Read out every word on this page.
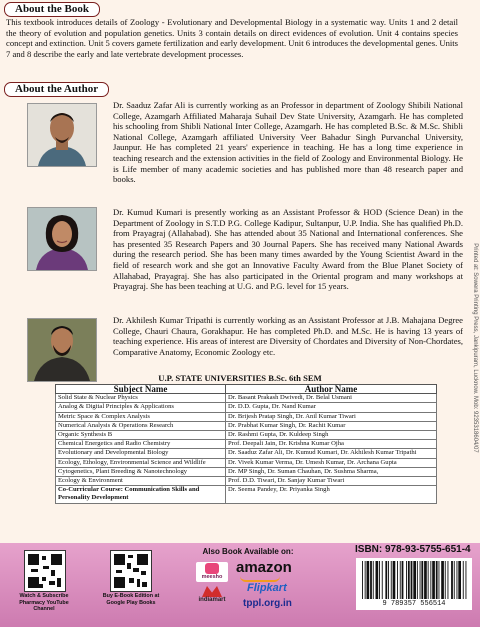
About the Book
This textbook introduces details of Zoology - Evolutionary and Developmental Biology in a systematic way. Units 1 and 2 detail the theory of evolution and population genetics. Units 3 contain details on direct evidences of evolution. Unit 4 contains species concept and extinction. Unit 5 covers gamete fertilization and early development. Unit 6 introduces the developmental genes. Units 7 and 8 describe the early and late vertebrate development processes.
About the Author
Dr. Saaduz Zafar Ali is currently working as an Professor in department of Zoology Shibili National College, Azamgarh Affiliated Maharaja Suhail Dev State University, Azamgarh. He has completed his schooling from Shibli National Inter College, Azamgarh. He has completed B.Sc. & M.Sc. Shibli National College, Azamgarh affiliated University Veer Bahadur Singh Purvanchal University, Jaunpur. He has completed 21 years' experience in teaching. He has a long time experience in teaching research and the extension activities in the field of Zoology and Environmental Biology. He is Life member of many academic societies and has published more than 48 research paper and books.
Dr. Kumud Kumari is presently working as an Assistant Professor & HOD (Science Dean) in the Department of Zoology in S.T.D P.G. College Kadipur, Sultanpur, U.P. India. She has qualified Ph.D. from Prayagraj (Allahabad). She has attended about 35 National and International conferences. She has presented 35 Research Papers and 30 Journal Papers. She has received many National Awards during the research period. She has been many times awarded by the Young Scientist Award in the field of research work and she got an Innovative Faculty Award from the Blue Planet Society of Allahabad, Prayagraj. She has also participated in the Oriental program and many workshops at Prayagraj. She has been teaching at U.G. and P.G. level for 15 years.
Dr. Akhilesh Kumar Tripathi is currently working as an Assistant Professor at J.B. Mahajana Degree College, Chauri Chaura, Gorakhapur. He has completed Ph.D. and M.Sc. He is having 13 years of teaching experience. His areas of interest are Diversity of Chordates and Diversity of Non-Chordates, Comparative Anatomy, Economic Zoology etc.	Printed at: Sowera Printing Press, Jankipuram, Lucknow. Mob: 9235318604/07
U.P. STATE UNIVERSITIES B.Sc. 6th SEM
Subject Name	Author Name
Solid State & Nuclear Physics	Dr. Basant Prakash Dwivedi, Dr. Belal Usmani
Analog & Digital Principles & Applications	Dr. D.D. Gupta, Dr. Nand Kumar
Metric Space & Complex Analysis	Dr. Brijesh Pratap Singh, Dr. Anil Kumar Tiwari
Numerical Analysis & Operations Research	Dr. Prabhat Kumar Singh, Dr. Rachit Kumar
Organic Synthesis B	Dr. Rashmi Gupta, Dr. Kuldeep Singh
Chemical Energetics and Radio Chemistry	Prof. Deepali Jain, Dr. Krishna Kumar Ojha
Evolutionary and Developmental Biology	Dr. Saaduz Zafar Ali, Dr. Kumud Kumari, Dr. Akhilesh Kumar Tripathi
Ecology, Ethology, Environmental Science and Wildlife	Dr. Vivek Kumar Verma, Dr. Umesh Kumar, Dr. Archana Gupta
Cytogenetics, Plant Breeding & Nanotechnology	Dr. MP Singh, Dr. Suman Chauhan, Dr. Sushma Sharma,
Ecology & Environment	Prof. D.D. Tiwari, Dr. Sanjay Kumar Tiwari
Co-Curricular Course: Communication Skills and Personality Development	Dr. Seema Pandey, Dr. Priyanka Singh
Watch & Subscribe Pharmacy YouTube Channel
Buy E-Book Edition at Google Play Books
Also Book Available on:
meesho
amazon
indiamart
Flipkart
tppl.org.in
ISBN: 978-93-5755-651-4
9 789357 556514
